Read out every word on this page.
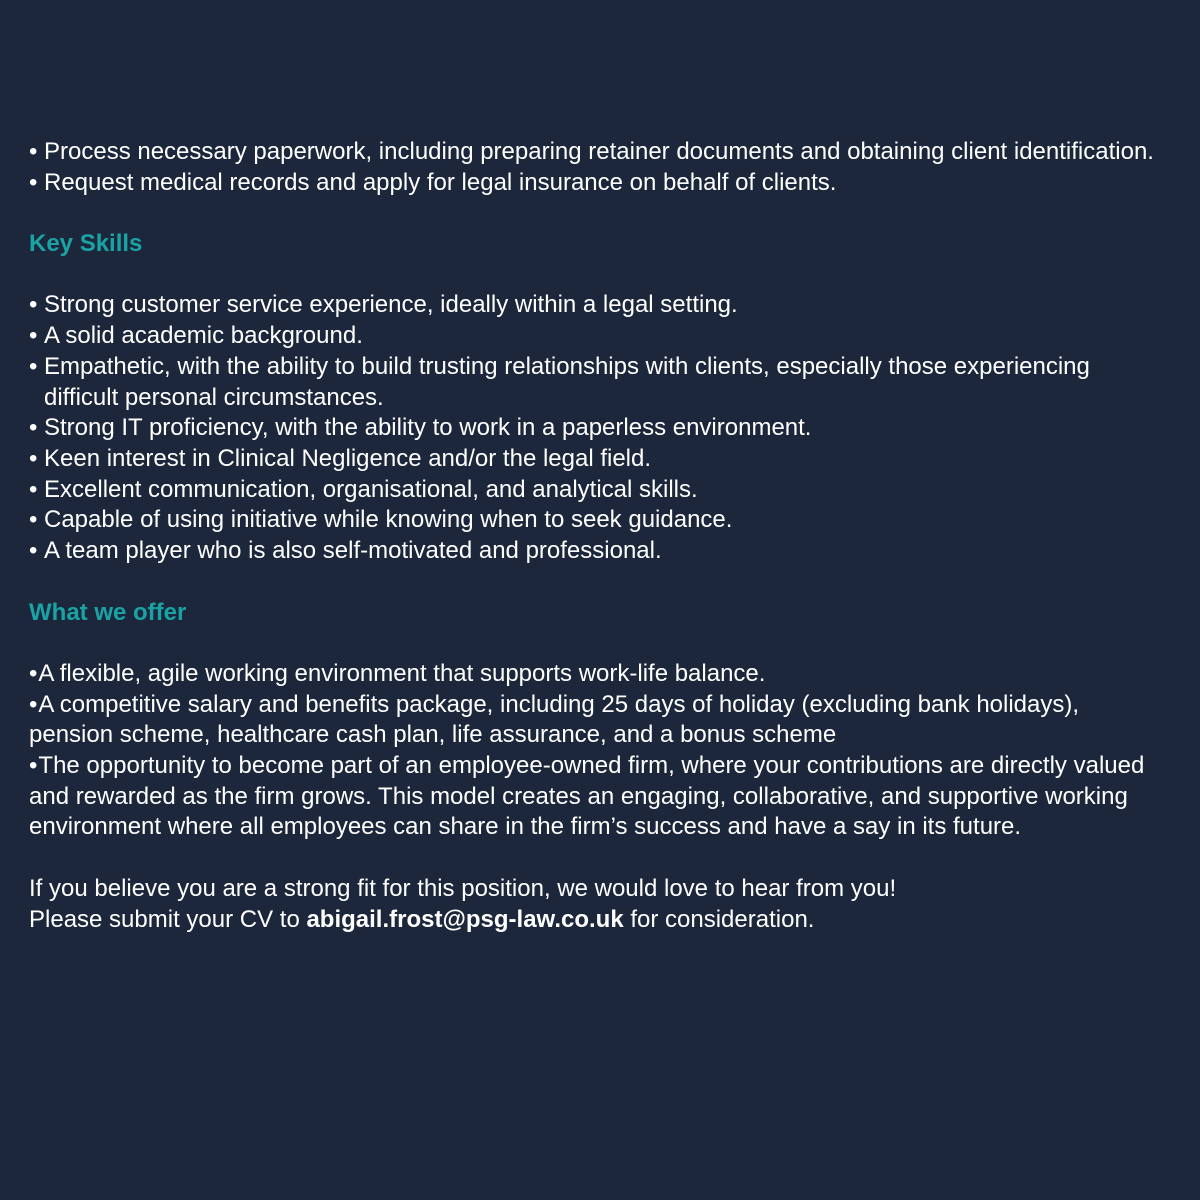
• Process necessary paperwork, including preparing retainer documents and obtaining client identification.
• Request medical records and apply for legal insurance on behalf of clients.
Key Skills
• Strong customer service experience, ideally within a legal setting.
• A solid academic background.
• Empathetic, with the ability to build trusting relationships with clients, especially those experiencing difficult personal circumstances.
• Strong IT proficiency, with the ability to work in a paperless environment.
• Keen interest in Clinical Negligence and/or the legal field.
• Excellent communication, organisational, and analytical skills.
• Capable of using initiative while knowing when to seek guidance.
• A team player who is also self-motivated and professional.
What we offer
•A flexible, agile working environment that supports work-life balance.
•A competitive salary and benefits package, including 25 days of holiday (excluding bank holidays), pension scheme, healthcare cash plan, life assurance, and a bonus scheme
•The opportunity to become part of an employee-owned firm, where your contributions are directly valued and rewarded as the firm grows. This model creates an engaging, collaborative, and supportive working environment where all employees can share in the firm’s success and have a say in its future.

If you believe you are a strong fit for this position, we would love to hear from you!

Please submit your CV to abigail.frost@psg-law.co.uk for consideration.
